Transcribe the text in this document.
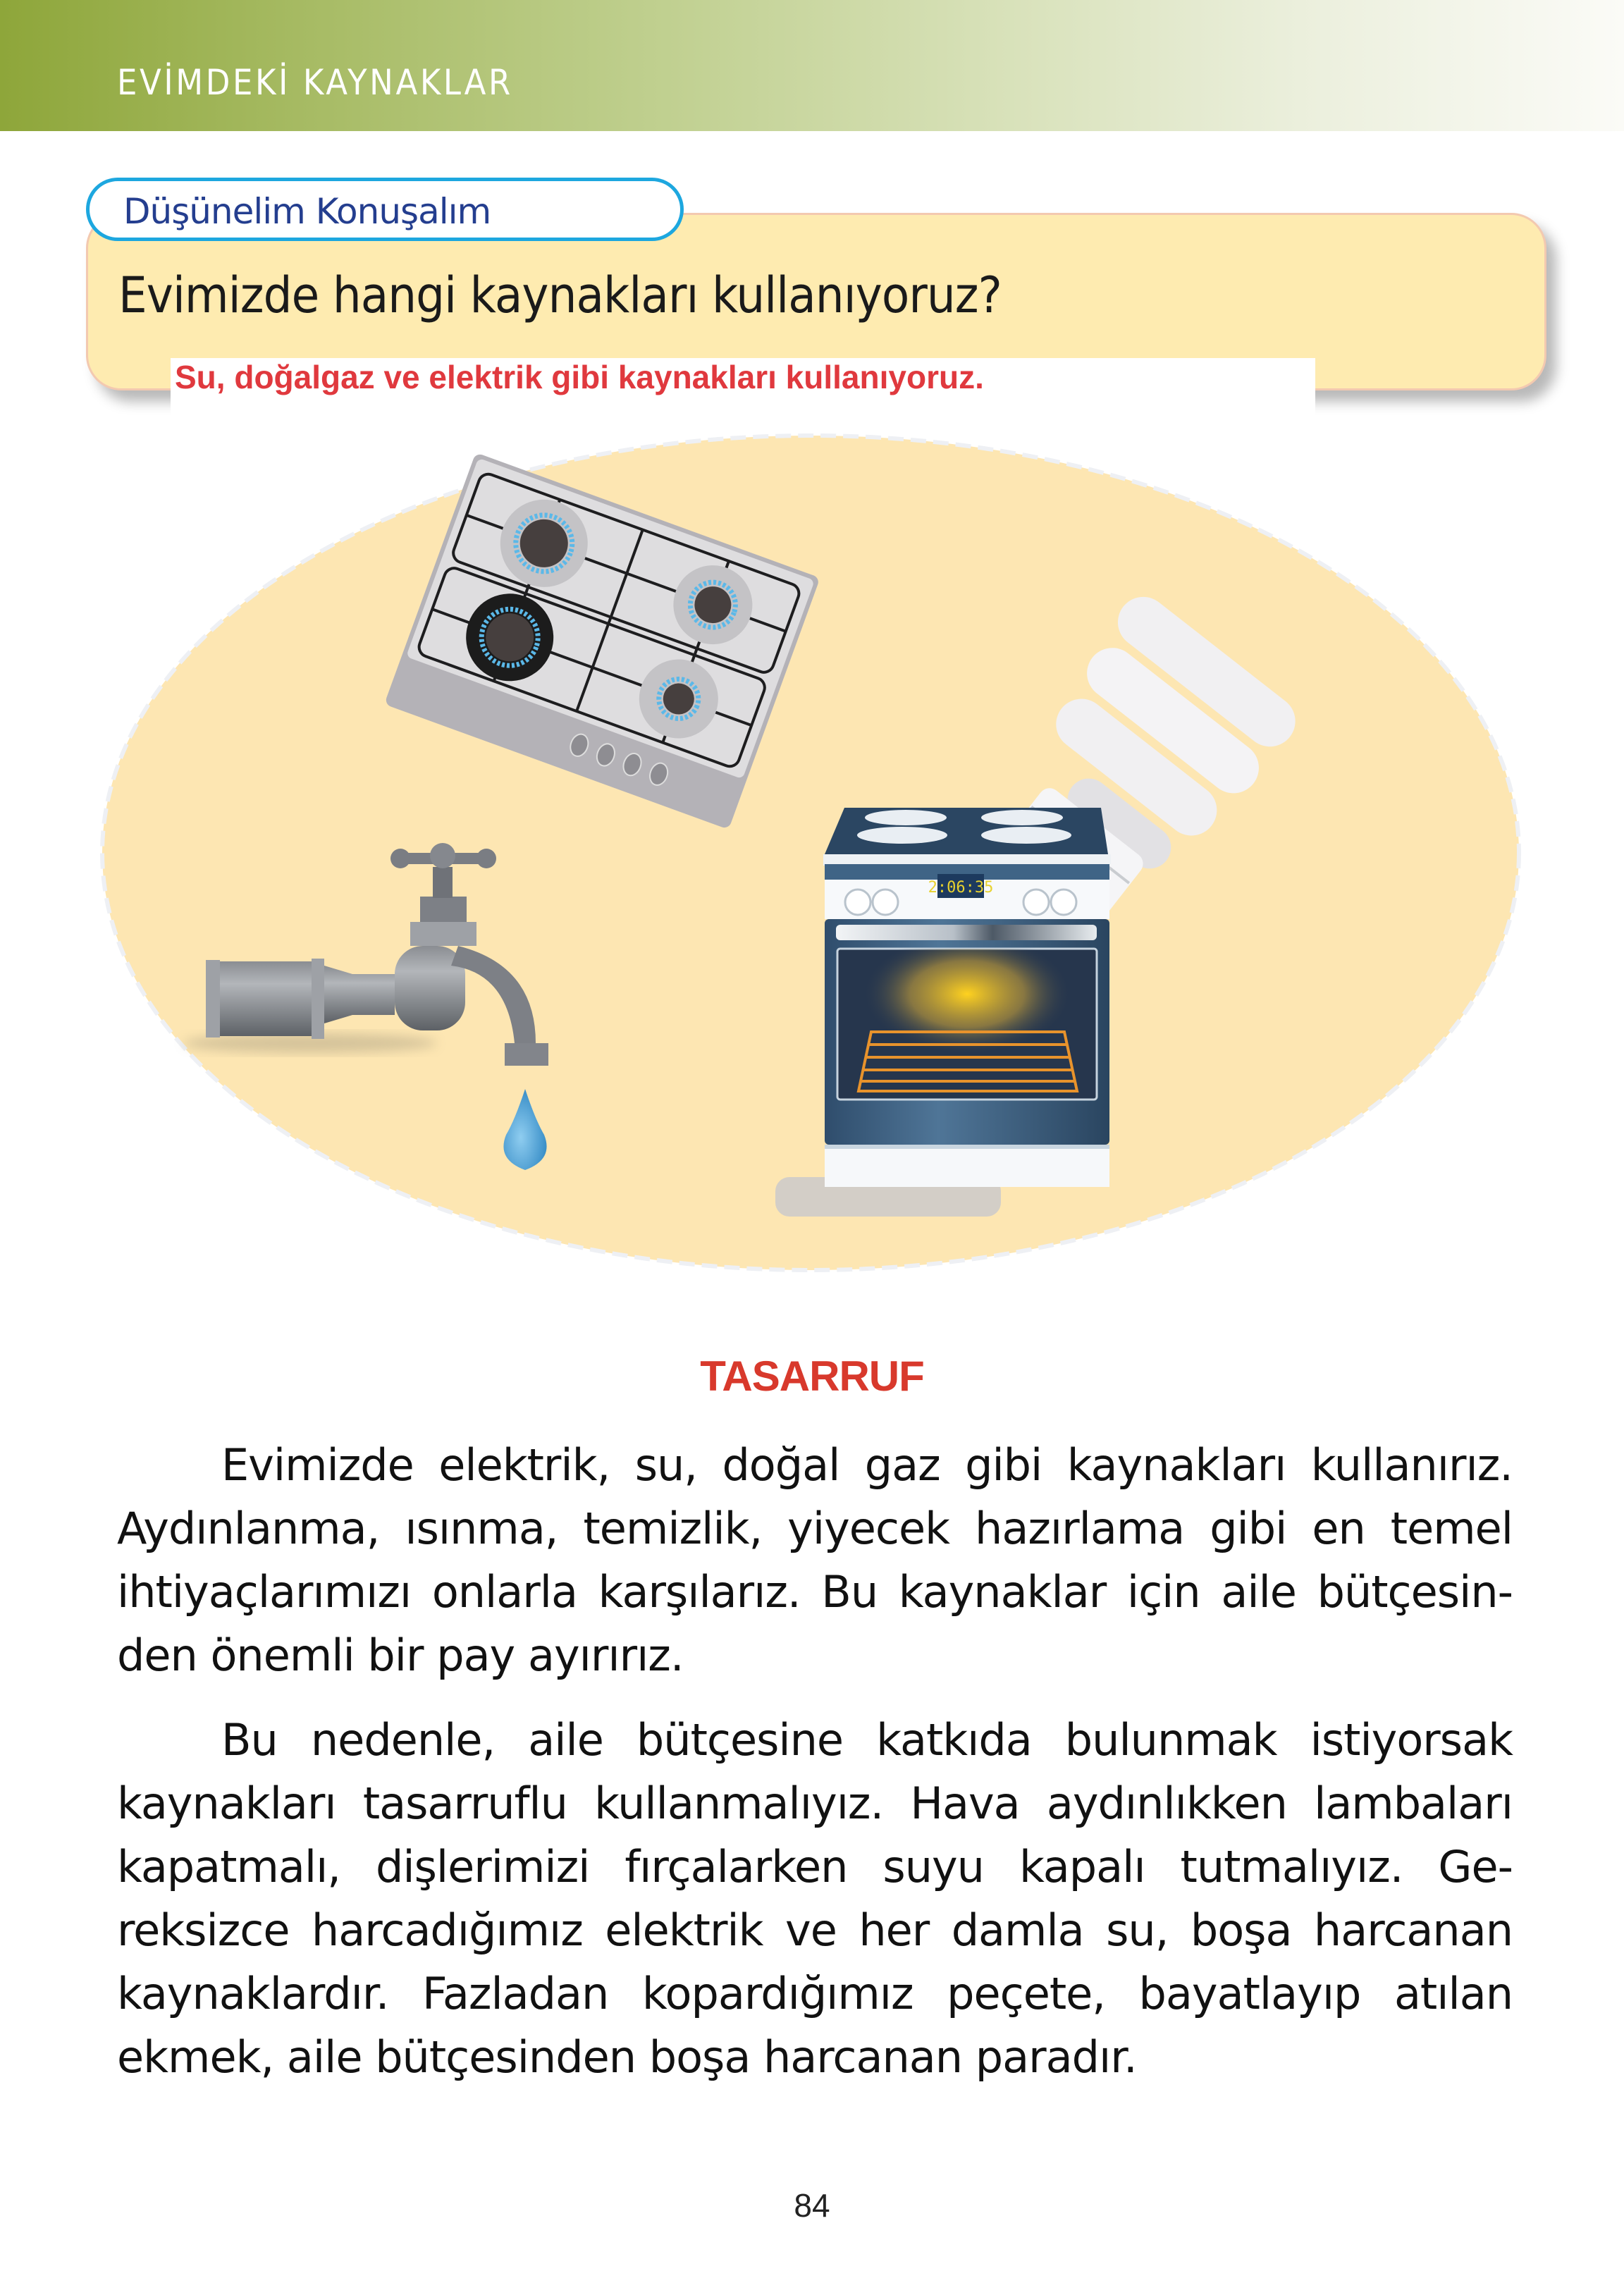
EVİMDEKİ KAYNAKLAR
Düşünelim Konuşalım
Evimizde hangi kaynakları kullanıyoruz?
Su, doğalgaz ve elektrik gibi kaynakları kullanıyoruz.
2:06:35
TASARRUF
Evimizde elektrik, su, doğal gaz gibi kaynakları kullanırız.
Aydınlanma, ısınma, temizlik, yiyecek hazırlama gibi en temel
ihtiyaçlarımızı onlarla karşılarız. Bu kaynaklar için aile bütçesin-
den önemli bir pay ayırırız.
Bu nedenle, aile bütçesine katkıda bulunmak istiyorsak
kaynakları tasarruflu kullanmalıyız. Hava aydınlıkken lambaları
kapatmalı, dişlerimizi fırçalarken suyu kapalı tutmalıyız. Ge-
reksizce harcadığımız elektrik ve her damla su, boşa harcanan
kaynaklardır. Fazladan kopardığımız peçete, bayatlayıp atılan
ekmek, aile bütçesinden boşa harcanan paradır.
84
